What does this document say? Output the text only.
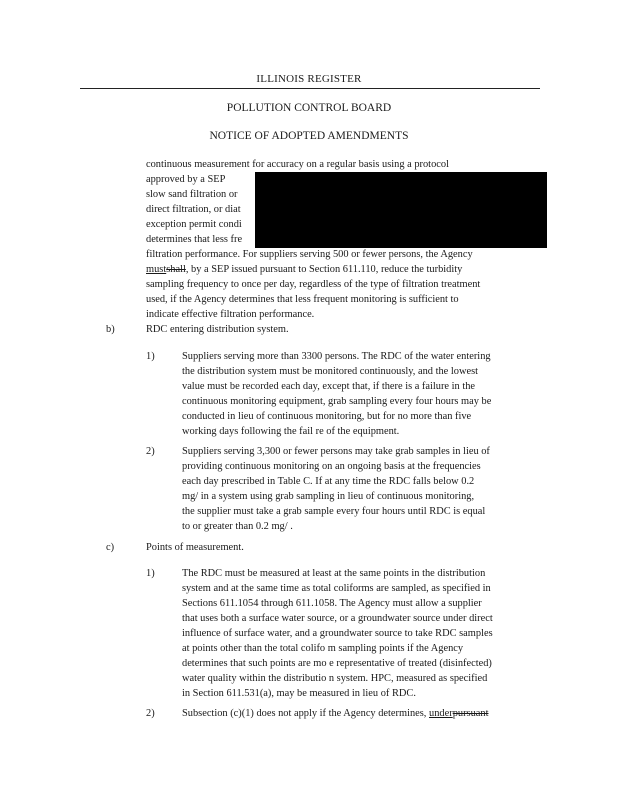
ILLINOIS REGISTER
POLLUTION CONTROL BOARD
NOTICE OF ADOPTED AMENDMENTS
continuous measurement for accuracy on a regular basis using a protocol
approved by a SEP
slow sand filtration or
direct filtration, or diat
exception permit condi
determines that less fre
filtration performance. For suppliers serving 500 or fewer persons, the Agency
mustshall, by a SEP issued pursuant to Section 611.110, reduce the turbidity
sampling frequency to once per day, regardless of the type of filtration treatment
used, if the Agency determines that less frequent monitoring is sufficient to
indicate effective filtration performance.
b)	RDC entering distribution system.
1)	Suppliers serving more than 3300 persons. The RDC of the water entering
the distribution system must be monitored continuously, and the lowest
value must be recorded each day, except that, if there is a failure in the
continuous monitoring equipment, grab sampling every four hours may be
conducted in lieu of continuous monitoring, but for no more than five
working days following the fail re of the equipment.
2)	Suppliers serving 3,300 or fewer persons may take grab samples in lieu of
providing continuous monitoring on an ongoing basis at the frequencies
each day prescribed in Table C. If at any time the RDC falls below 0.2
mg/ in a system using grab sampling in lieu of continuous monitoring,
the supplier must take a grab sample every four hours until RDC is equal
to or greater than 0.2 mg/ .
c)	Points of measurement.
1)	The RDC must be measured at least at the same points in the distribution
system and at the same time as total coliforms are sampled, as specified in
Sections 611.1054 through 611.1058. The Agency must allow a supplier
that uses both a surface water source, or a groundwater source under direct
influence of surface water, and a groundwater source to take RDC samples
at points other than the total colifo m sampling points if the Agency
determines that such points are mo e representative of treated (disinfected)
water quality within the distributio n system. HPC, measured as specified
in Section 611.531(a), may be measured in lieu of RDC.
2)	Subsection (c)(1) does not apply if the Agency determines, underpursuant
